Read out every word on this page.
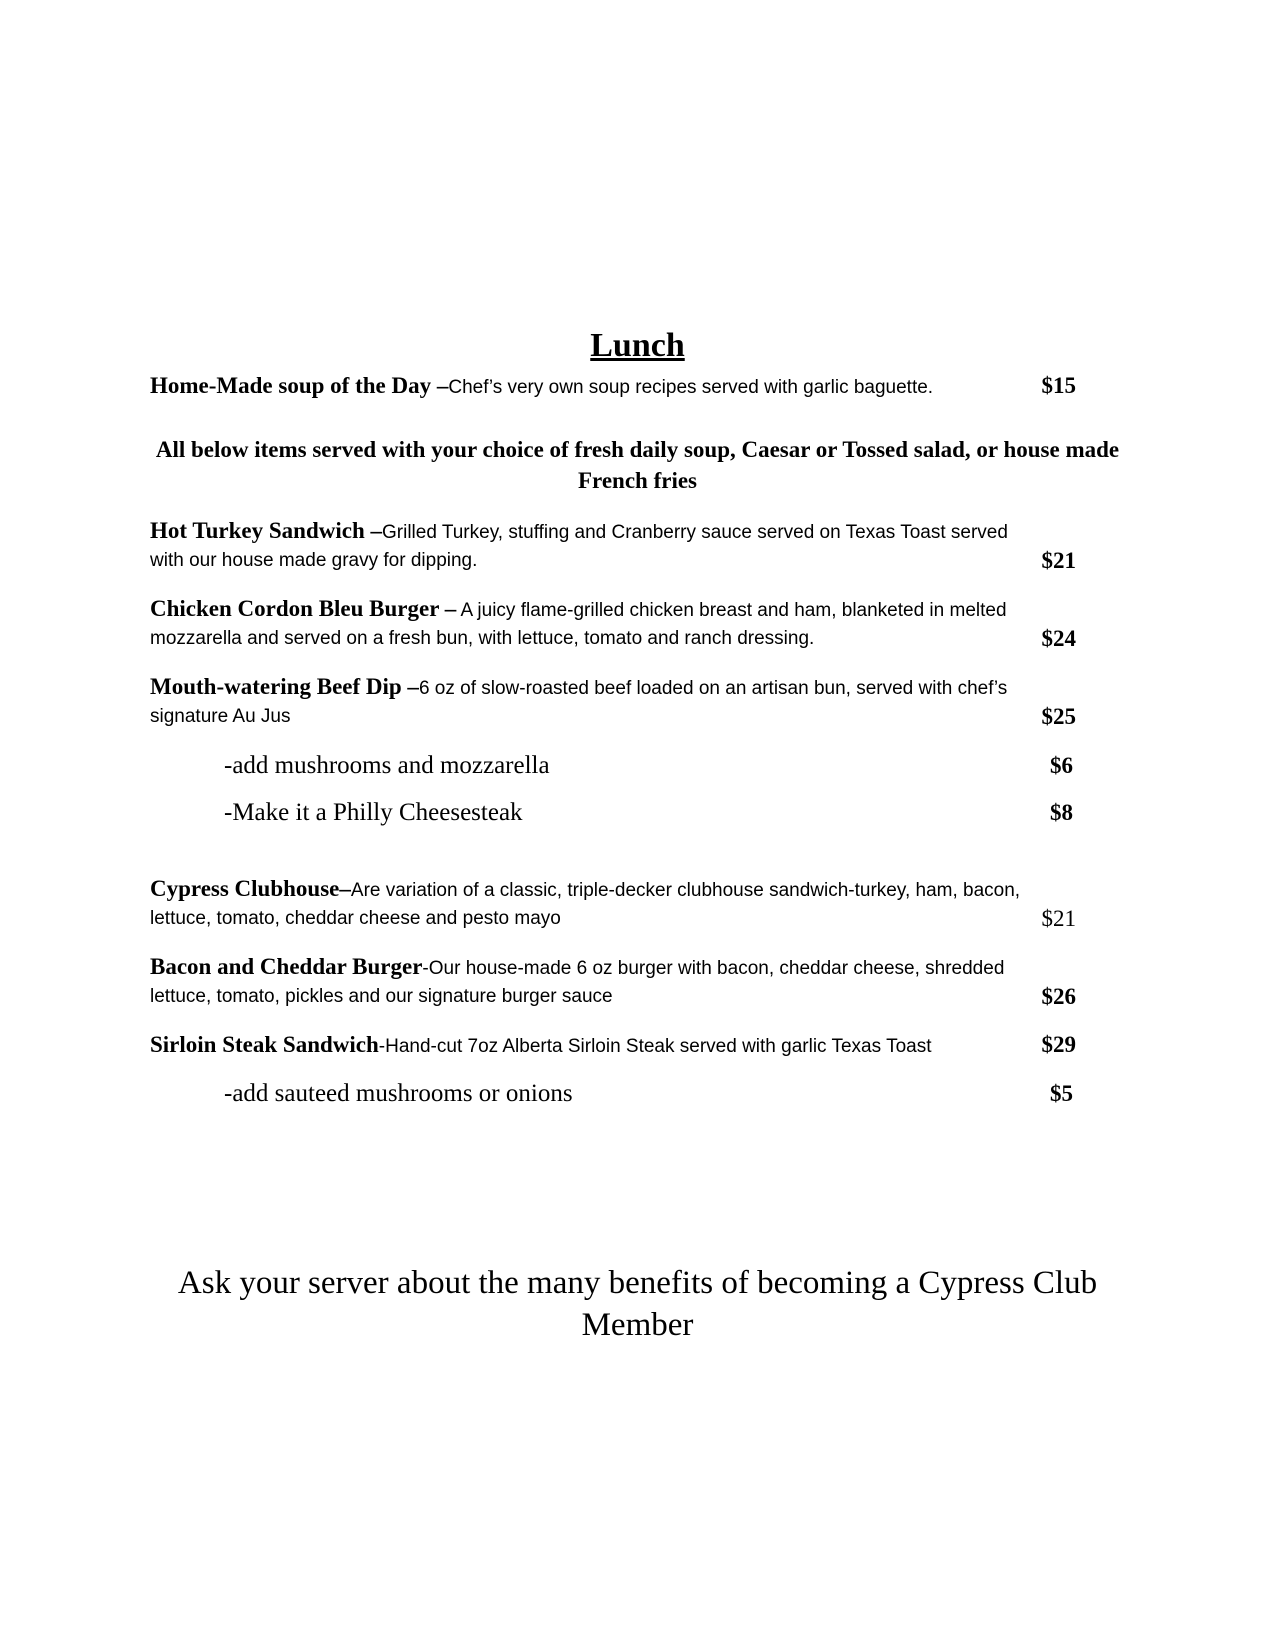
Lunch
Home-Made soup of the Day –Chef’s very own soup recipes served with garlic baguette.	$15
All below items served with your choice of fresh daily soup, Caesar or Tossed salad, or house made French fries
Hot Turkey Sandwich –Grilled Turkey, stuffing and Cranberry sauce served on Texas Toast served
with our house made gravy for dipping.	$21
Chicken Cordon Bleu Burger – A juicy flame-grilled chicken breast and ham, blanketed in melted
mozzarella and served on a fresh bun, with lettuce, tomato and ranch dressing.	$24
Mouth-watering Beef Dip –6 oz of slow-roasted beef loaded on an artisan bun, served with chef’s
signature Au Jus	$25
-add mushrooms and mozzarella	$6
-Make it a Philly Cheesesteak	$8
Cypress Clubhouse–Are variation of a classic, triple-decker clubhouse sandwich-turkey, ham, bacon,
lettuce, tomato, cheddar cheese and pesto mayo	$21
Bacon and Cheddar Burger-Our house-made 6 oz burger with bacon, cheddar cheese, shredded
lettuce, tomato, pickles and our signature burger sauce	$26
Sirloin Steak Sandwich-Hand-cut 7oz Alberta Sirloin Steak served with garlic Texas Toast	$29
-add sauteed mushrooms or onions	$5
Ask your server about the many benefits of becoming a Cypress Club Member
